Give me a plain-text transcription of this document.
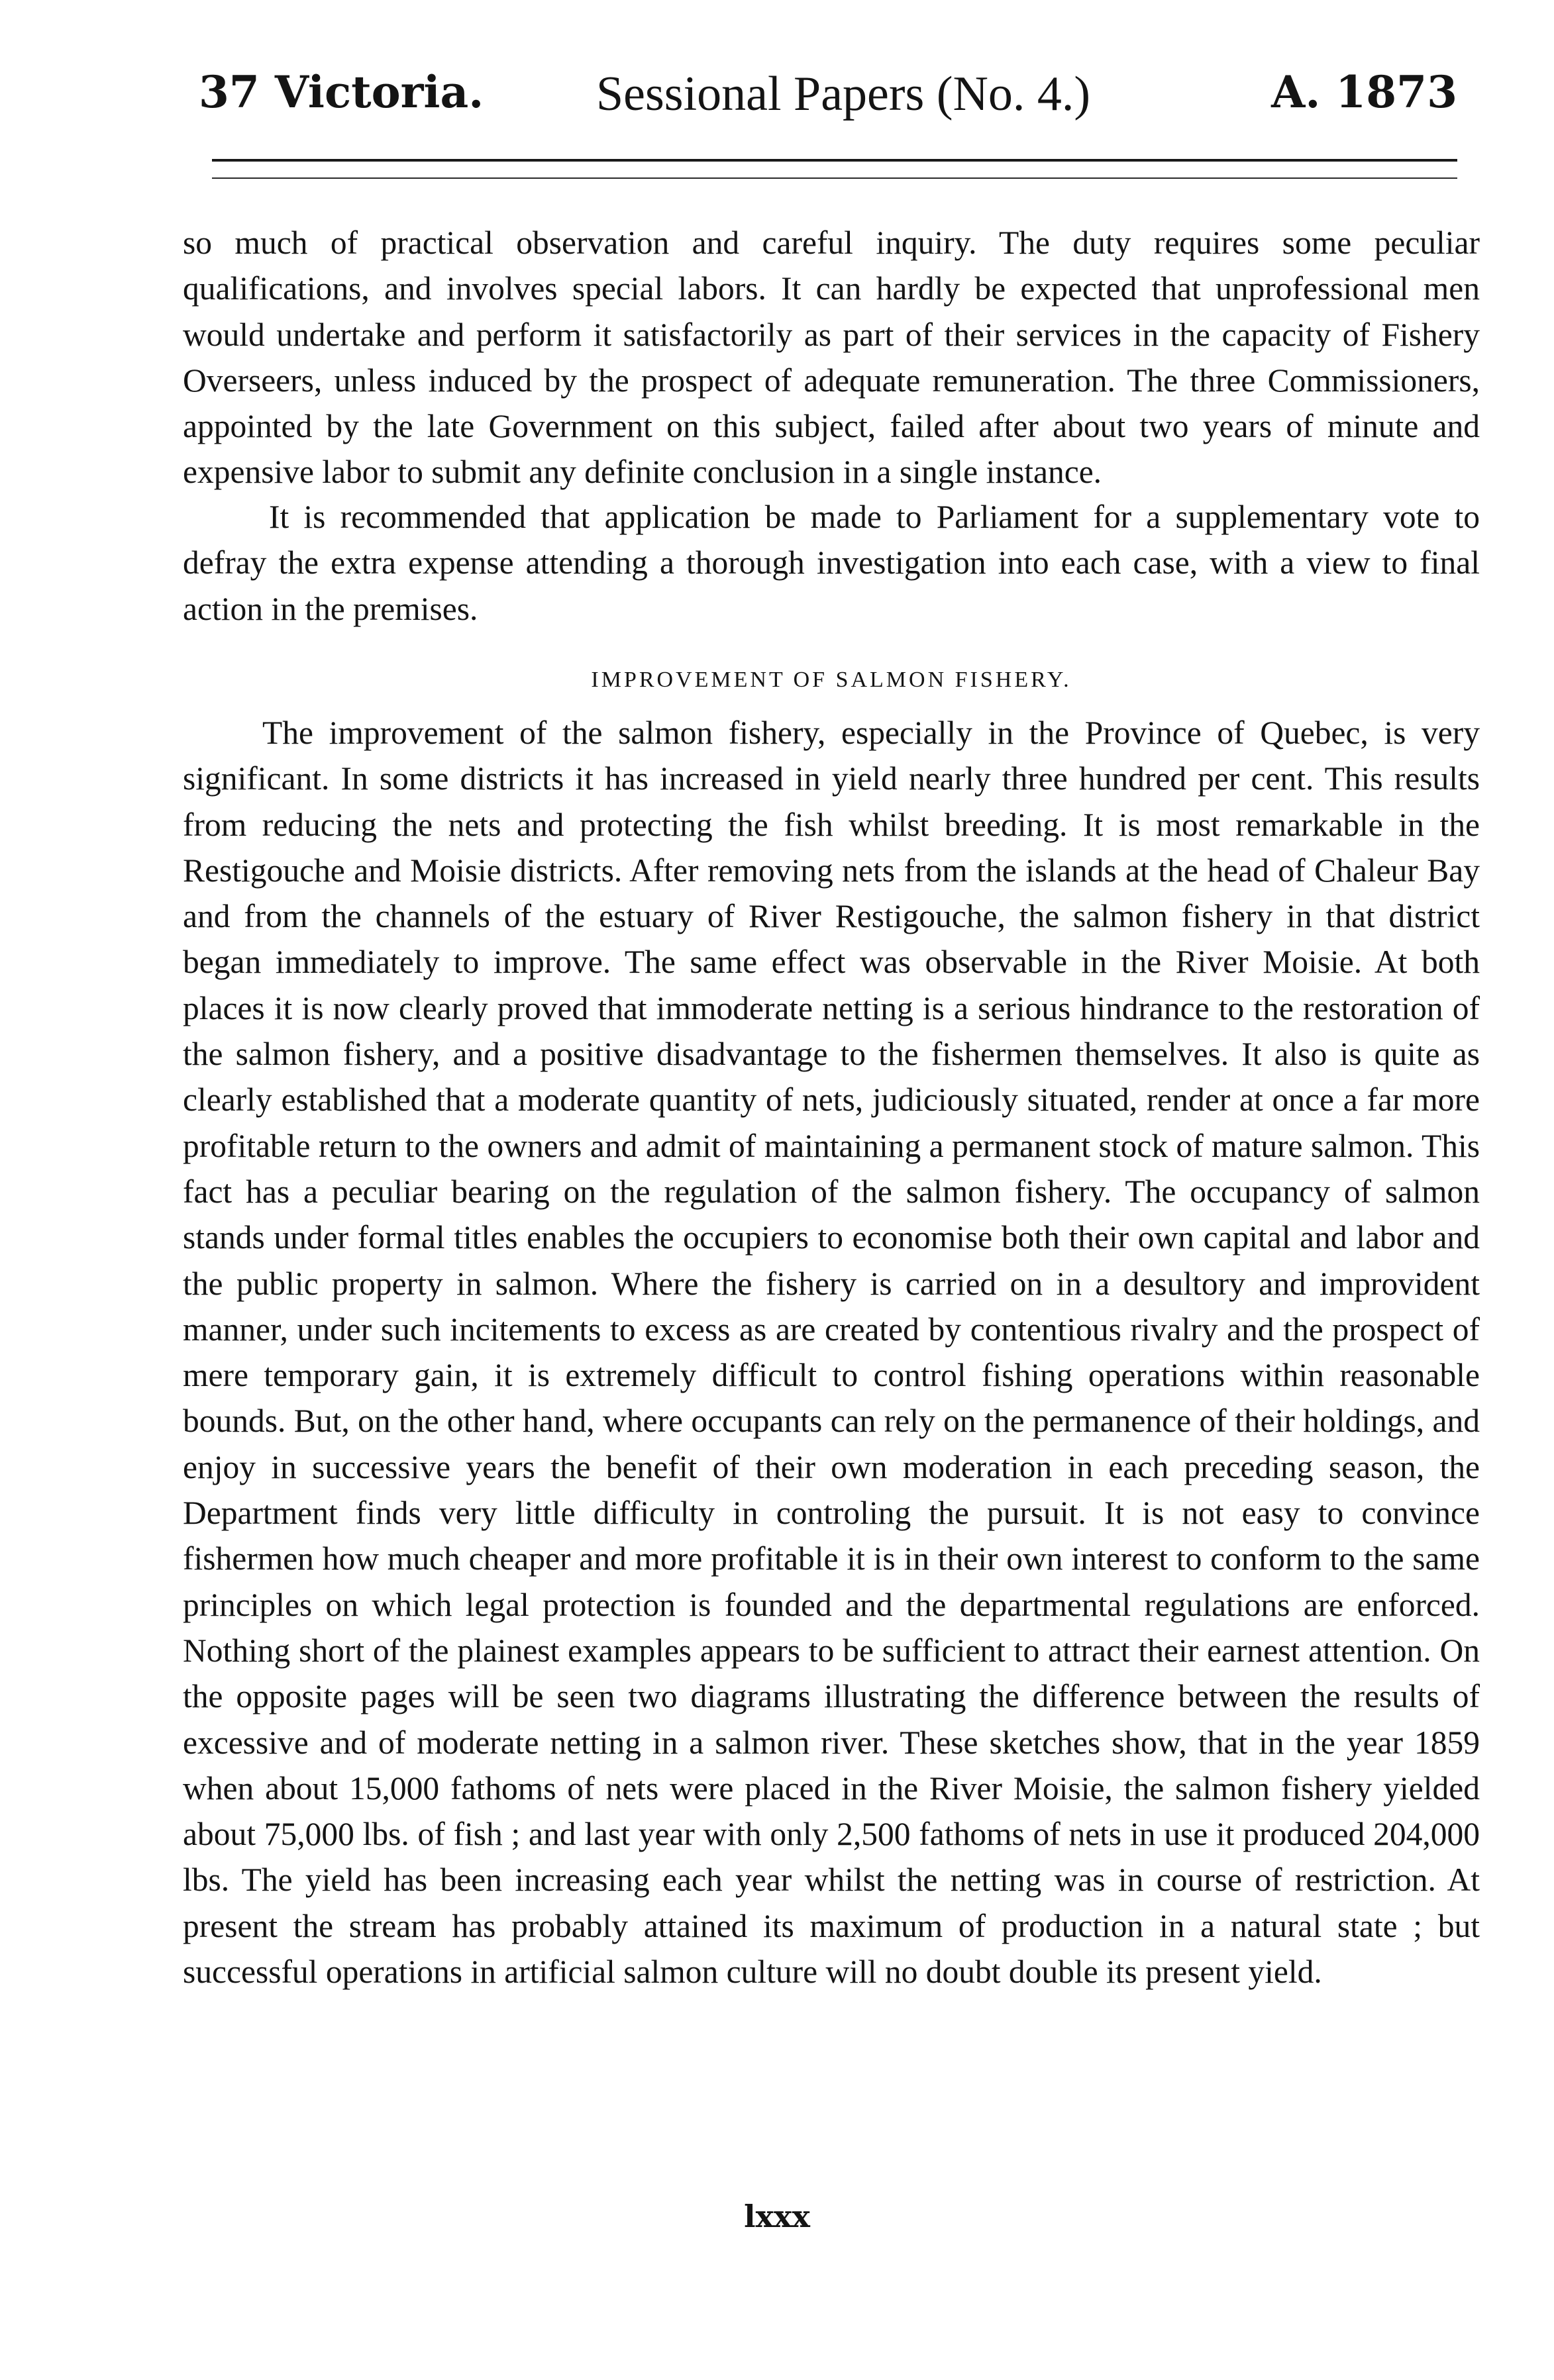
37 Victoria. Sessional Papers (No. 4.)	A. 1873

so much of practical observation and careful inquiry. The duty requires some peculiar qualifications, and involves special labors. It can hardly be expected that unprofessional men would undertake and perform it satisfactorily as part of their services in the capacity of Fishery Overseers, unless induced by the prospect of adequate remuneration. The three Commissioners, appointed by the late Government on this subject, failed after about two years of minute and expensive labor to submit any definite conclusion in a single instance.

It is recommended that application be made to Parliament for a supplementary vote to defray the extra expense attending a thorough investigation into each case, with a view to final action in the premises.

IMPROVEMENT OF SALMON FISHERY.

The improvement of the salmon fishery, especially in the Province of Quebec, is very significant. In some districts it has increased in yield nearly three hundred per cent. This results from reducing the nets and protecting the fish whilst breeding. It is most remarkable in the Restigouche and Moisie districts. After removing nets from the islands at the head of Chaleur Bay and from the channels of the estuary of River Restigouche, the salmon fishery in that district began immediately to improve. The same effect was observable in the River Moisie. At both places it is now clearly proved that immoderate netting is a serious hindrance to the restoration of the salmon fishery, and a positive disadvantage to the fishermen themselves. It also is quite as clearly established that a moderate quantity of nets, judiciously situated, render at once a far more profitable return to the owners and admit of maintaining a permanent stock of mature salmon. This fact has a peculiar bearing on the regulation of the salmon fishery. The occupancy of salmon stands under formal titles enables the occupiers to economise both their own capital and labor and the public property in salmon. Where the fishery is carried on in a desultory and improvident manner, under such incitements to excess as are created by contentious rivalry and the prospect of mere temporary gain, it is extremely difficult to control fishing operations within reasonable bounds. But, on the other hand, where occupants can rely on the permanence of their holdings, and enjoy in successive years the benefit of their own moderation in each preceding season, the Department finds very little difficulty in controling the pursuit. It is not easy to convince fishermen how much cheaper and more profitable it is in their own interest to conform to the same principles on which legal protection is founded and the departmental regulations are enforced. Nothing short of the plainest examples appears to be sufficient to attract their earnest attention. On the opposite pages will be seen two diagrams illustrating the difference between the results of excessive and of moderate netting in a salmon river. These sketches show, that in the year 1859 when about 15,000 fathoms of nets were placed in the River Moisie, the salmon fishery yielded about 75,000 lbs. of fish ; and last year with only 2,500 fathoms of nets in use it produced 204,000 lbs. The yield has been increasing each year whilst the netting was in course of restriction. At present the stream has probably attained its maximum of production in a natural state ; but successful operations in artificial salmon culture will no doubt double its present yield.

lxxx
